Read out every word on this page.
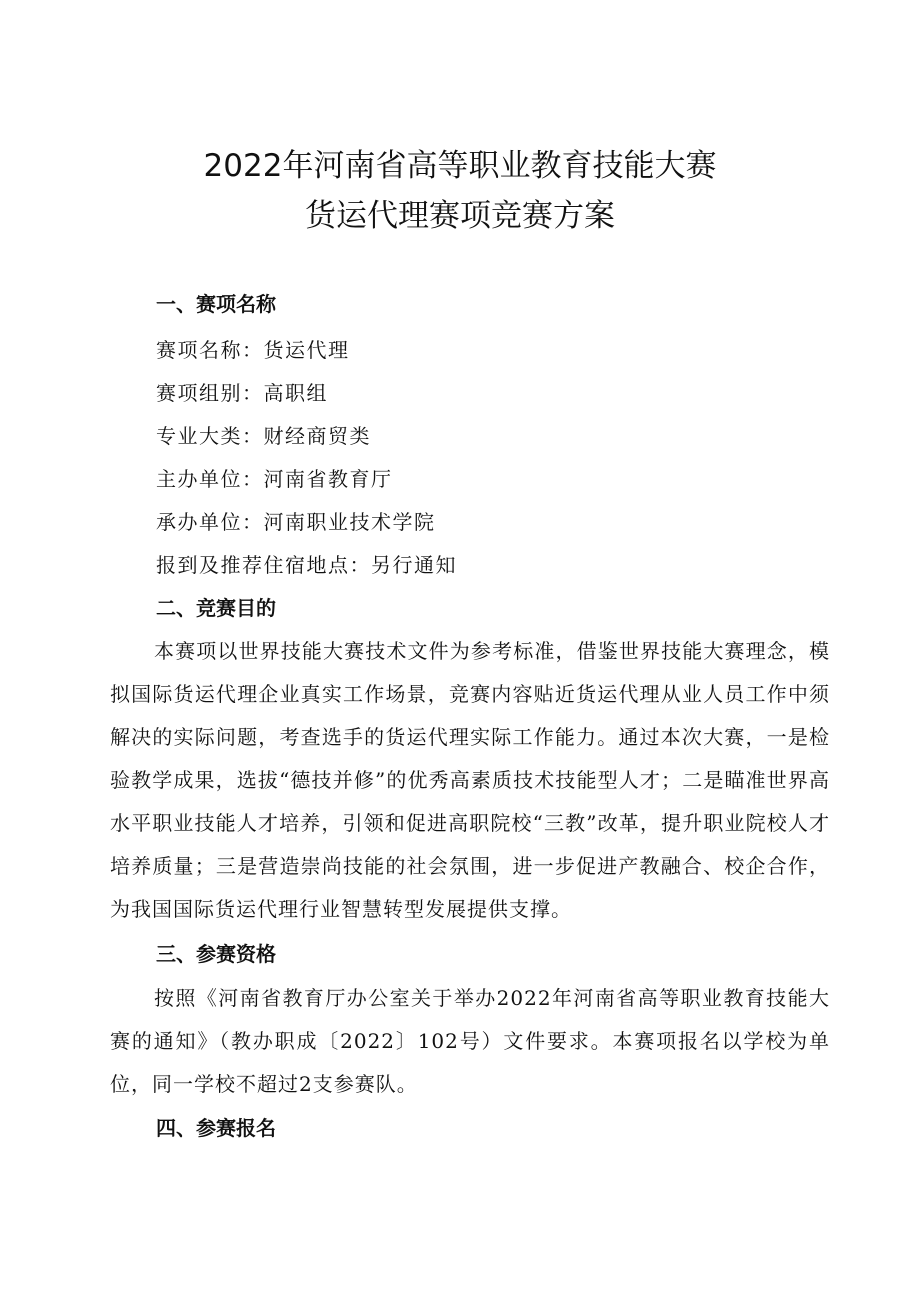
2022年河南省高等职业教育技能大赛
货运代理赛项竞赛方案
一、赛项名称
赛项名称：货运代理
赛项组别：高职组
专业大类：财经商贸类
主办单位：河南省教育厅
承办单位：河南职业技术学院
报到及推荐住宿地点：另行通知
二、竞赛目的

本赛项以世界技能大赛技术文件为参考标准，借鉴世界技能大赛理念，模拟国际货运代理企业真实工作场景，竞赛内容贴近货运代理从业人员工作中须解决的实际问题，考查选手的货运代理实际工作能力。通过本次大赛，一是检验教学成果，选拔“德技并修”的优秀高素质技术技能型人才；二是瞄准世界高水平职业技能人才培养，引领和促进高职院校“三教”改革，提升职业院校人才培养质量；三是营造崇尚技能的社会氛围，进一步促进产教融合、校企合作，为我国国际货运代理行业智慧转型发展提供支撑。

三、参赛资格

按照《河南省教育厅办公室关于举办2022年河南省高等职业教育技能大赛的通知》（教办职成〔2022〕102号）文件要求。本赛项报名以学校为单位，同一学校不超过2支参赛队。

四、参赛报名
